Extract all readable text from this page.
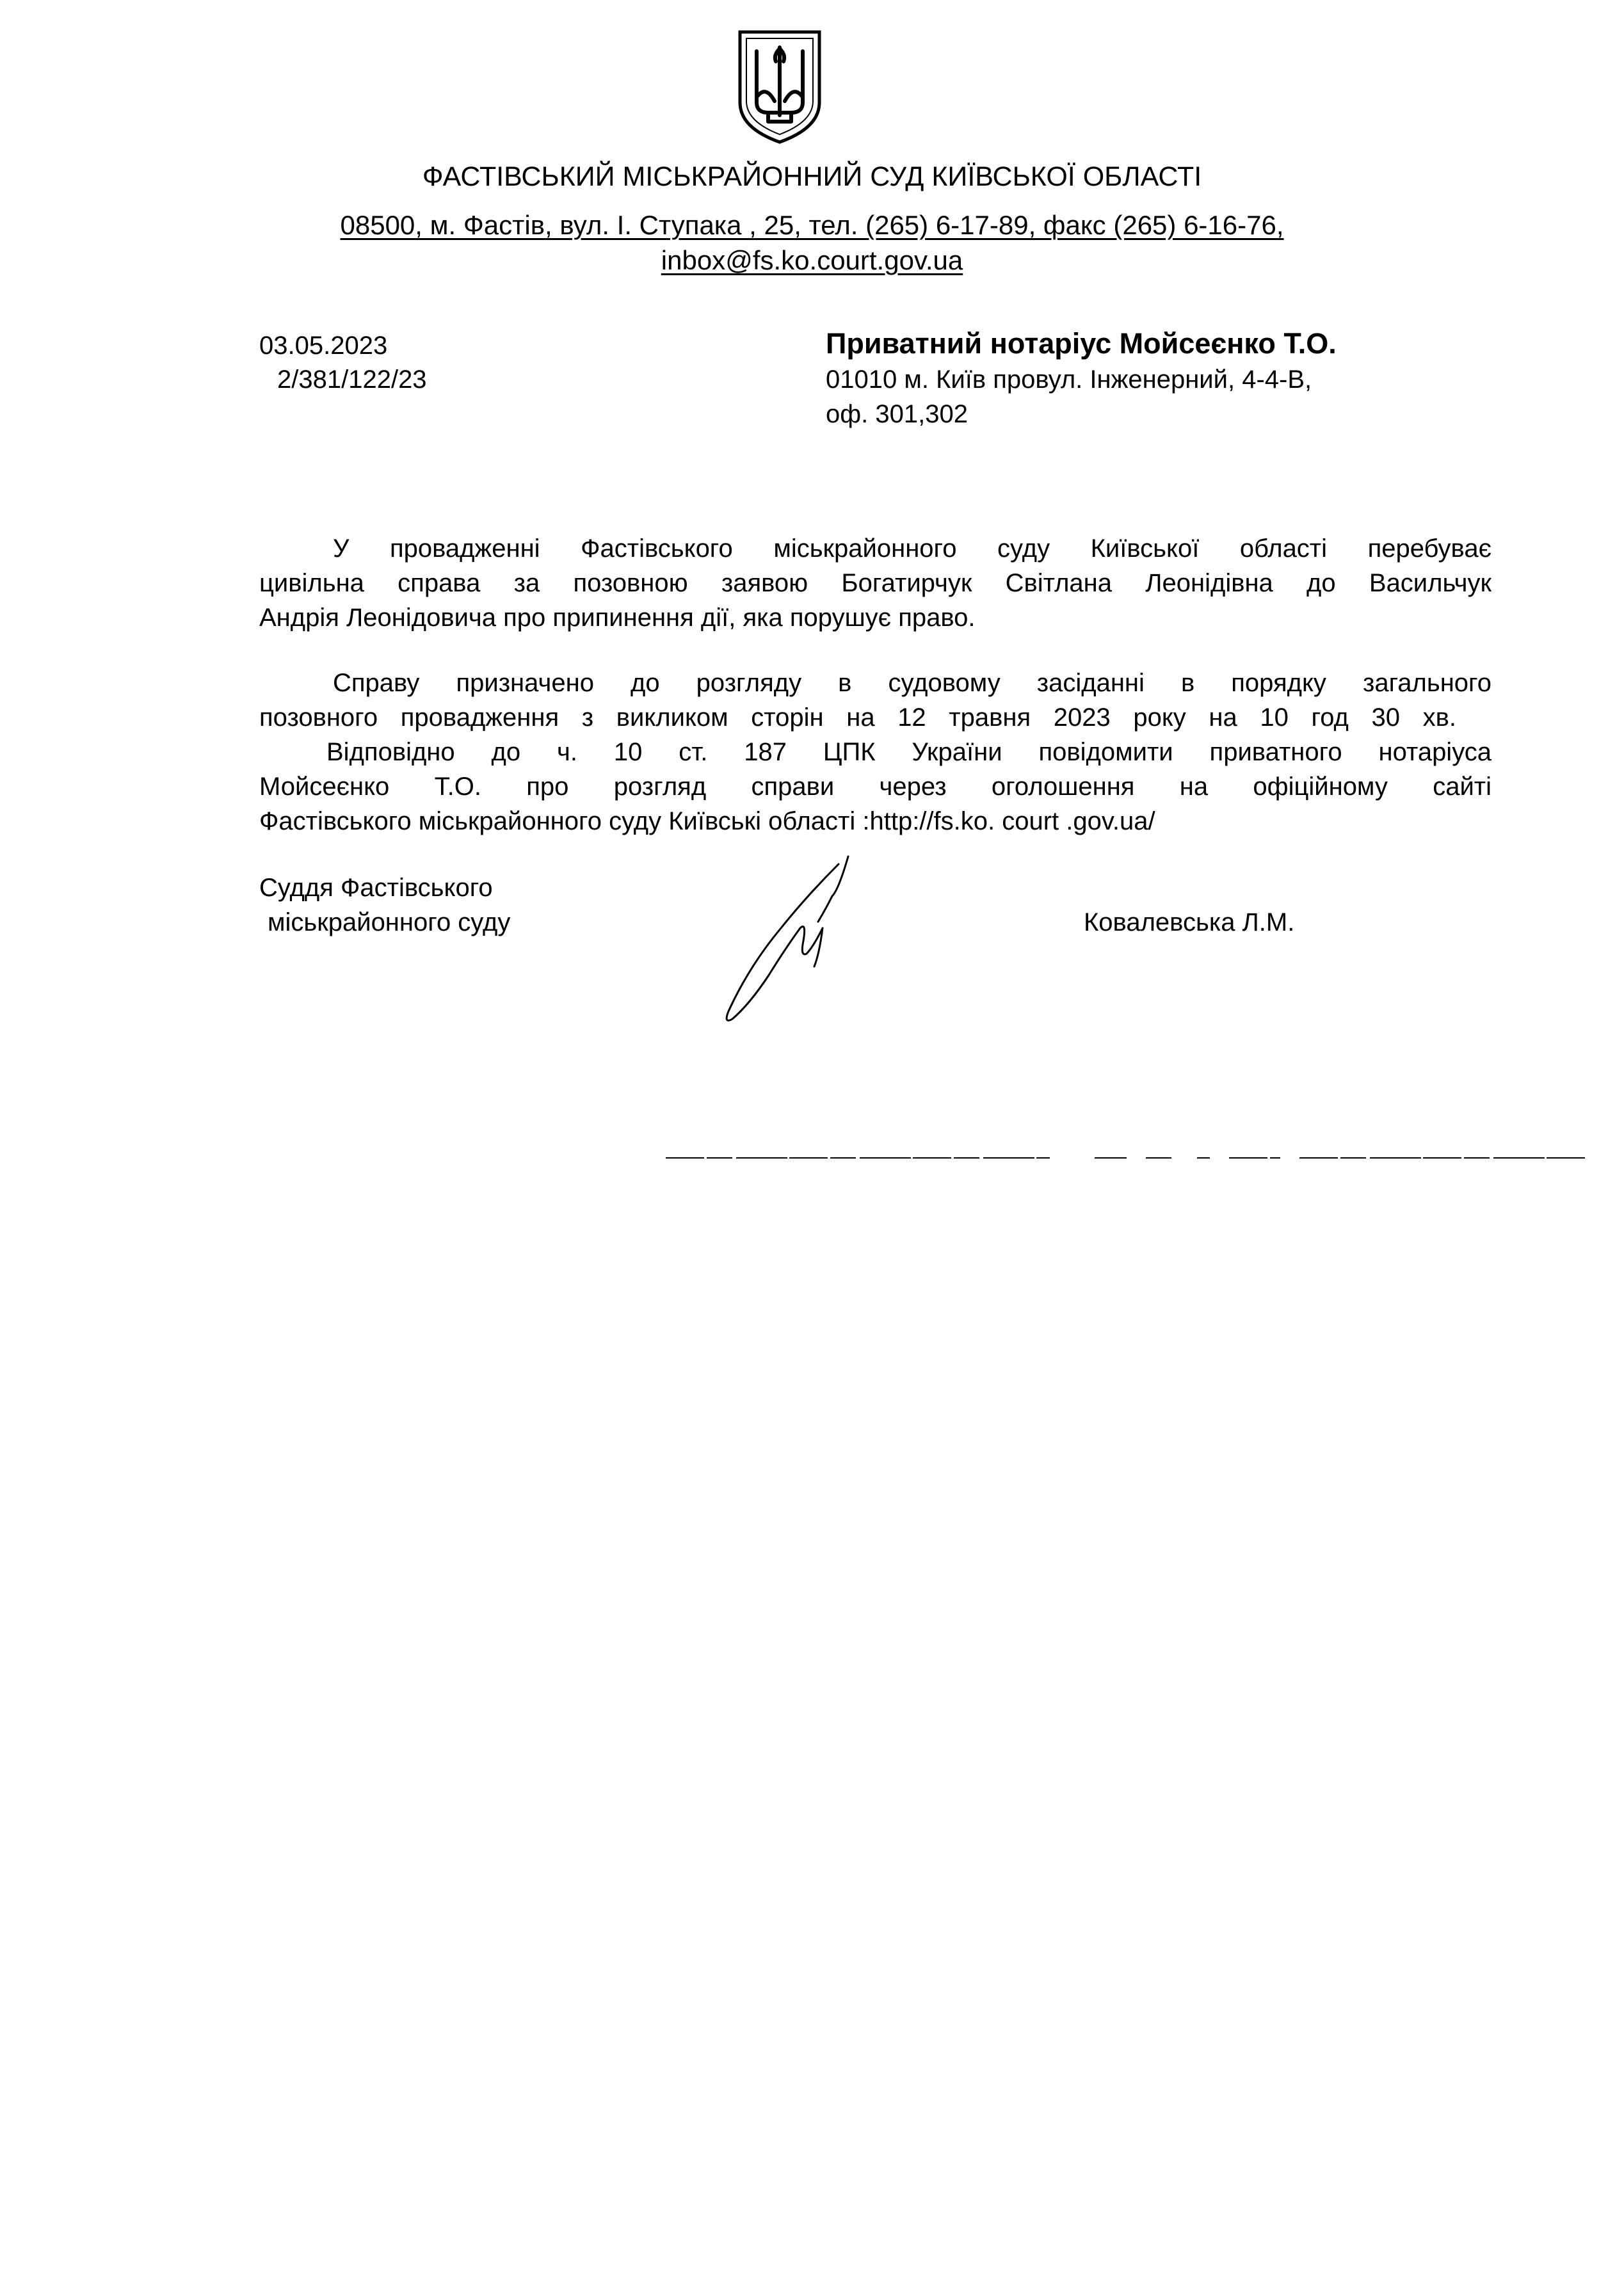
ФАСТІВСЬКИЙ МІСЬКРАЙОННИЙ СУД КИЇВСЬКОЇ ОБЛАСТІ
08500, м. Фастів, вул. І. Ступака , 25, тел. (265) 6-17-89, факс (265) 6-16-76,
inbox@fs.ko.court.gov.ua
03.05.2023
2/381/122/23
Приватний нотаріус Мойсеєнко Т.О.
01010 м. Київ провул. Інженерний, 4-4-В,
оф. 301,302
У провадженні Фастівського міськрайонного суду Київської області перебуває
цивільна справа за позовною заявою Богатирчук Світлана Леонідівна до Васильчук
Андрія Леонідовича про припинення дії, яка порушує право.
Справу призначено до розгляду в судовому засіданні в порядку загального
позовного провадження з викликом сторін на 12 травня 2023 року на 10 год 30 хв.
Відповідно до ч. 10 ст. 187 ЦПК України повідомити приватного нотаріуса
Мойсеєнко Т.О. про розгляд справи через оголошення на офіційному сайті
Фастівського міськрайонного суду Київські області :http://fs.ko. court .gov.ua/
Суддя Фастівського
міськрайонного суду	Ковалевська Л.М.
